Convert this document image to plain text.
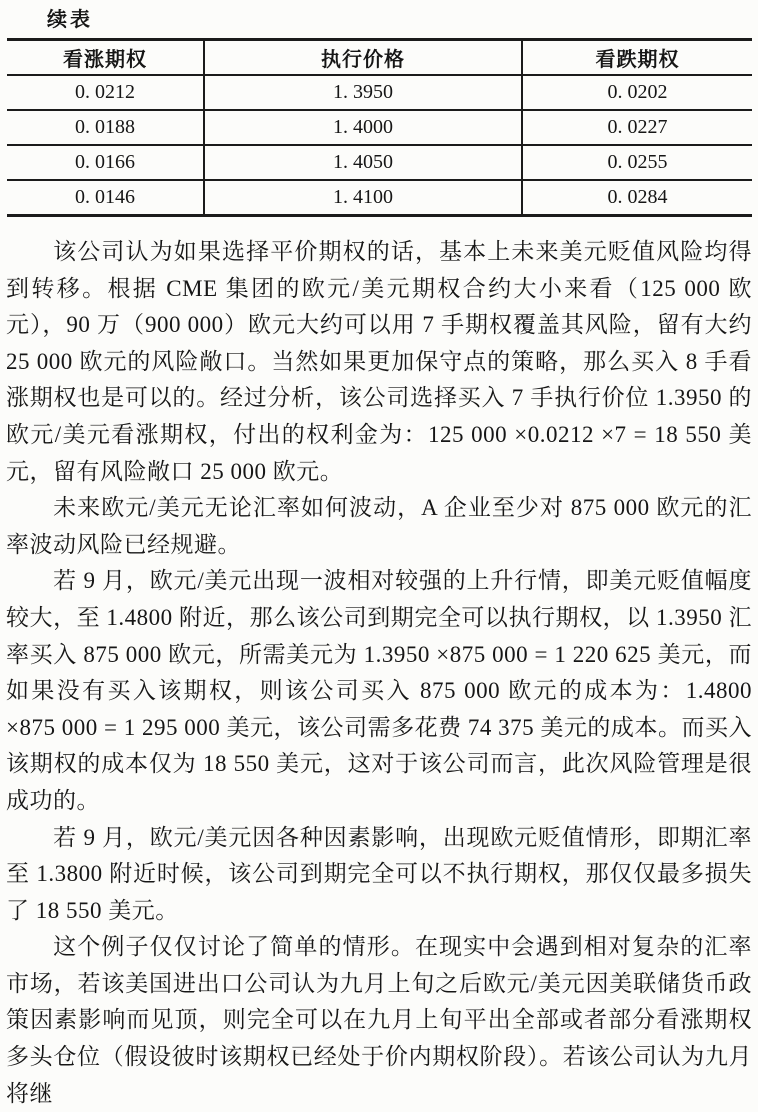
续表
看涨期权	执行价格	看跌期权
0. 0212	1. 3950	0. 0202
0. 0188	1. 4000	0. 0227
0. 0166	1. 4050	0. 0255
0. 0146	1. 4100	0. 0284

该公司认为如果选择平价期权的话，基本上未来美元贬值风险均得到转移。根据 CME 集团的欧元/美元期权合约大小来看（125 000 欧元），90 万（900 000）欧元大约可以用 7 手期权覆盖其风险，留有大约 25 000 欧元的风险敞口。当然如果更加保守点的策略，那么买入 8 手看涨期权也是可以的。经过分析，该公司选择买入 7 手执行价位 1.3950 的欧元/美元看涨期权，付出的权利金为：125 000 ×0.0212 ×7 = 18 550 美元，留有风险敞口 25 000 欧元。

未来欧元/美元无论汇率如何波动，A 企业至少对 875 000 欧元的汇率波动风险已经规避。

若 9 月，欧元/美元出现一波相对较强的上升行情，即美元贬值幅度较大，至 1.4800 附近，那么该公司到期完全可以执行期权，以 1.3950 汇率买入 875 000 欧元，所需美元为 1.3950 ×875 000 = 1 220 625 美元，而如果没有买入该期权，则该公司买入 875 000 欧元的成本为：1.4800 ×875 000 = 1 295 000 美元，该公司需多花费 74 375 美元的成本。而买入该期权的成本仅为 18 550 美元，这对于该公司而言，此次风险管理是很成功的。

若 9 月，欧元/美元因各种因素影响，出现欧元贬值情形，即期汇率至 1.3800 附近时候，该公司到期完全可以不执行期权，那仅仅最多损失了 18 550 美元。

这个例子仅仅讨论了简单的情形。在现实中会遇到相对复杂的汇率市场，若该美国进出口公司认为九月上旬之后欧元/美元因美联储货币政策因素影响而见顶，则完全可以在九月上旬平出全部或者部分看涨期权多头仓位（假设彼时该期权已经处于价内期权阶段）。若该公司认为九月将继
